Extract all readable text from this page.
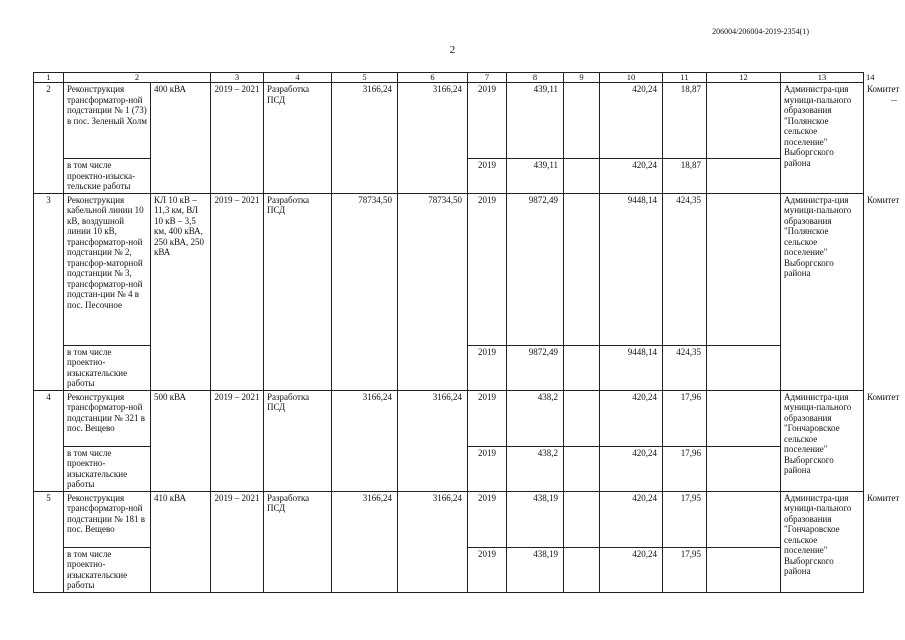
206004/206004-2019-2354(1)
2
1	2		3	4	5	6	7	8	9	10	11	12	13	14
2	Реконструкция трансформатор-ной подстанции № 1 (73) в пос. Зеленый Холм	400 кВА	2019 – 2021	Разработка ПСД	3166,24	3166,24	2019	439,11		420,24	18,87		Администра-ция муници-пального образования "Полянское сельское поселение" Выборгского района	Комитет
	в том числе проектно-изыска-тельские работы						2019	439,11		420,24	18,87			
3	Реконструкция кабельной линии 10 кВ, воздушной линии 10 кВ, трансформатор-ной подстанции № 2, трансфор-маторной подстанции № 3, трансформатор-ной подстан-ции № 4 в пос. Песочное	КЛ 10 кВ – 11,3 км, ВЛ 10 кВ – 3,5 км, 400 кВА, 250 кВА, 250 кВА	2019 – 2021	Разработка ПСД	78734,50	78734,50	2019	9872,49		9448,14	424,35		Администра-ция муници-пального образования "Полянское сельское поселение" Выборгского района	Комитет
	в том числе проектно-изыскательские работы						2019	9872,49		9448,14	424,35			
4	Реконструкция трансформатор-ной подстанции № 321 в пос. Вещево	500 кВА	2019 – 2021	Разработка ПСД	3166,24	3166,24	2019	438,2		420,24	17,96		Администра-ция муници-пального образования "Гончаровское сельское поселение" Выборгского района	Комитет
	в том числе проектно-изыскательские работы						2019	438,2		420,24	17,96			
5	Реконструкция трансформатор-ной подстанции № 181 в пос. Вещево	410 кВА	2019 – 2021	Разработка ПСД	3166,24	3166,24	2019	438,19		420,24	17,95		Администра-ция муници-пального образования "Гончаровское сельское поселение" Выборгского района	Комитет
	в том числе проектно-изыскательские работы						2019	438,19		420,24	17,95			
